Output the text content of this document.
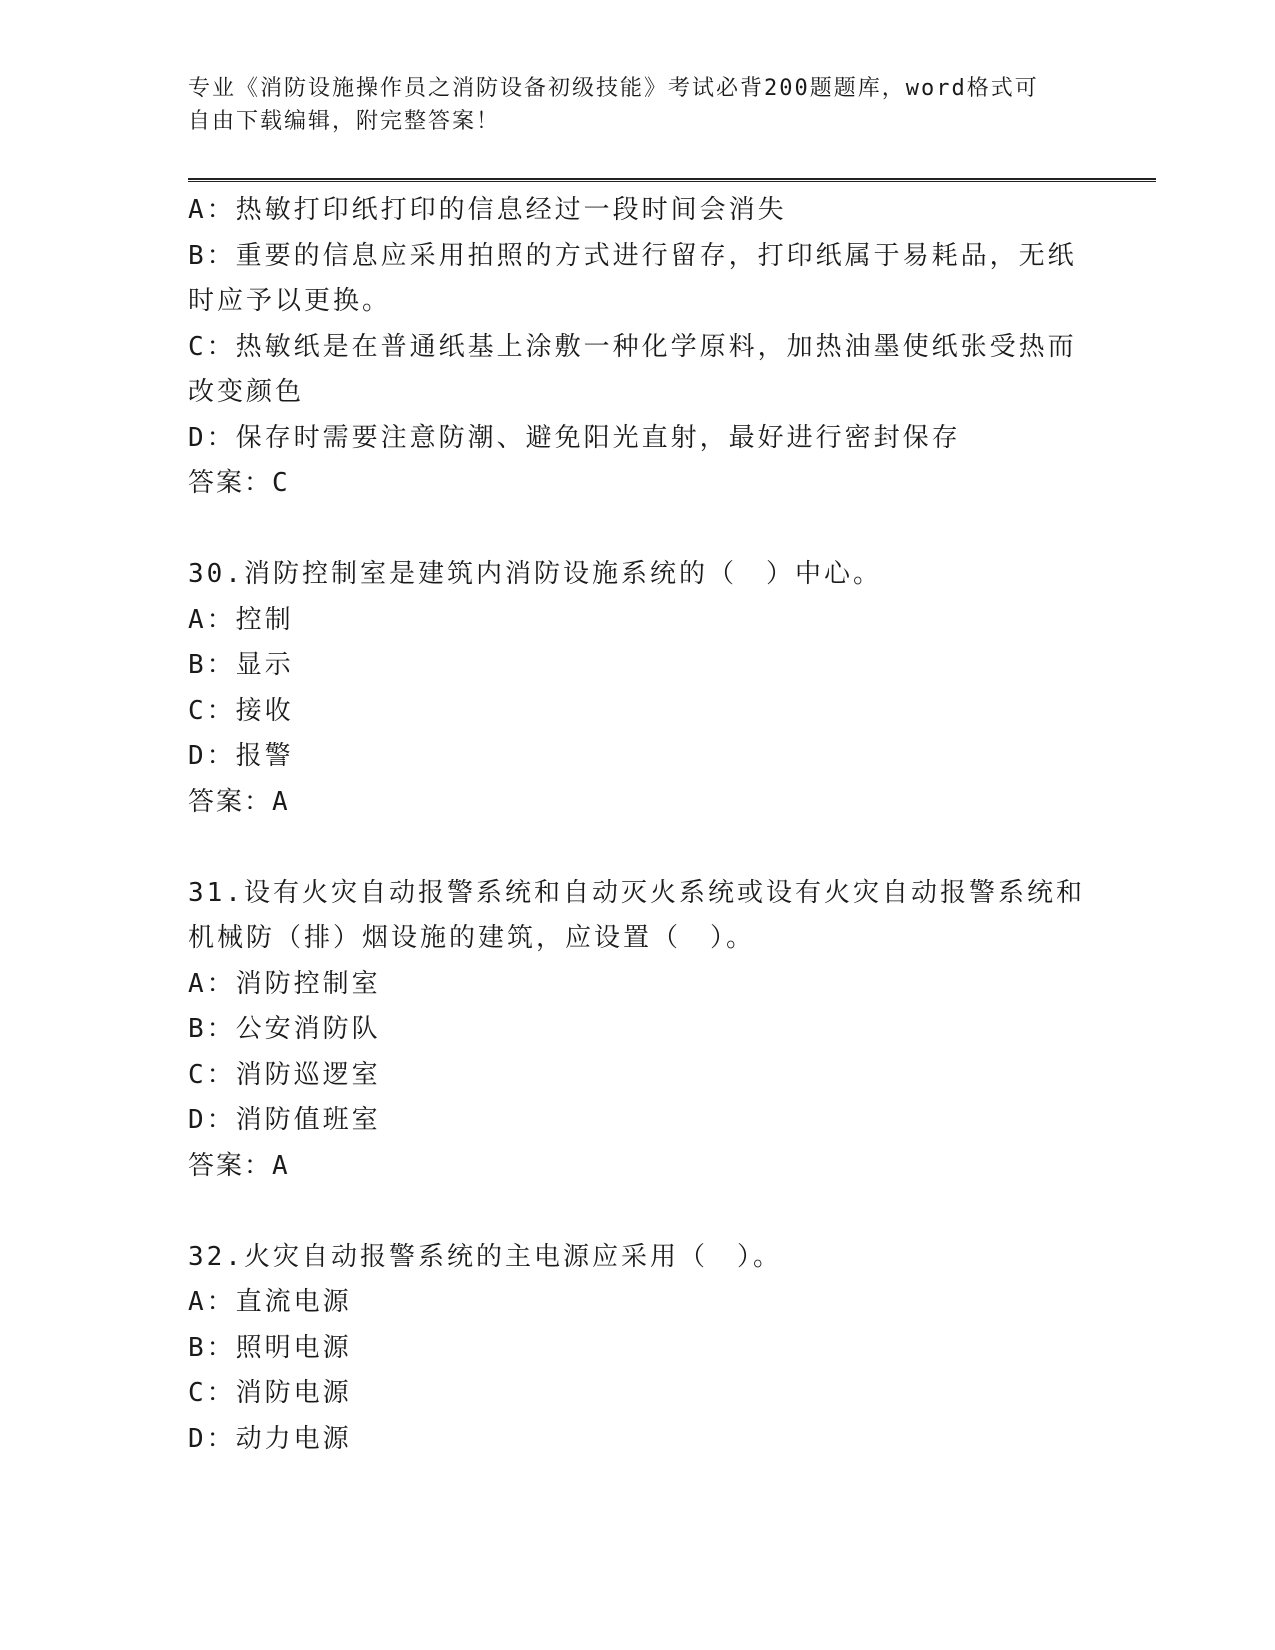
专业《消防设施操作员之消防设备初级技能》考试必背200题题库，word格式可
自由下载编辑，附完整答案！

A：热敏打印纸打印的信息经过一段时间会消失

B：重要的信息应采用拍照的方式进行留存，打印纸属于易耗品，无纸

时应予以更换。

C：热敏纸是在普通纸基上涂敷一种化学原料，加热油墨使纸张受热而

改变颜色

D：保存时需要注意防潮、避免阳光直射，最好进行密封保存

答案：C

30.消防控制室是建筑内消防设施系统的（　）中心。

A：控制

B：显示

C：接收

D：报警

答案：A

31.设有火灾自动报警系统和自动灭火系统或设有火灾自动报警系统和

机械防（排）烟设施的建筑，应设置（　）。

A：消防控制室

B：公安消防队

C：消防巡逻室

D：消防值班室

答案：A

32.火灾自动报警系统的主电源应采用（　）。

A：直流电源

B：照明电源

C：消防电源

D：动力电源
